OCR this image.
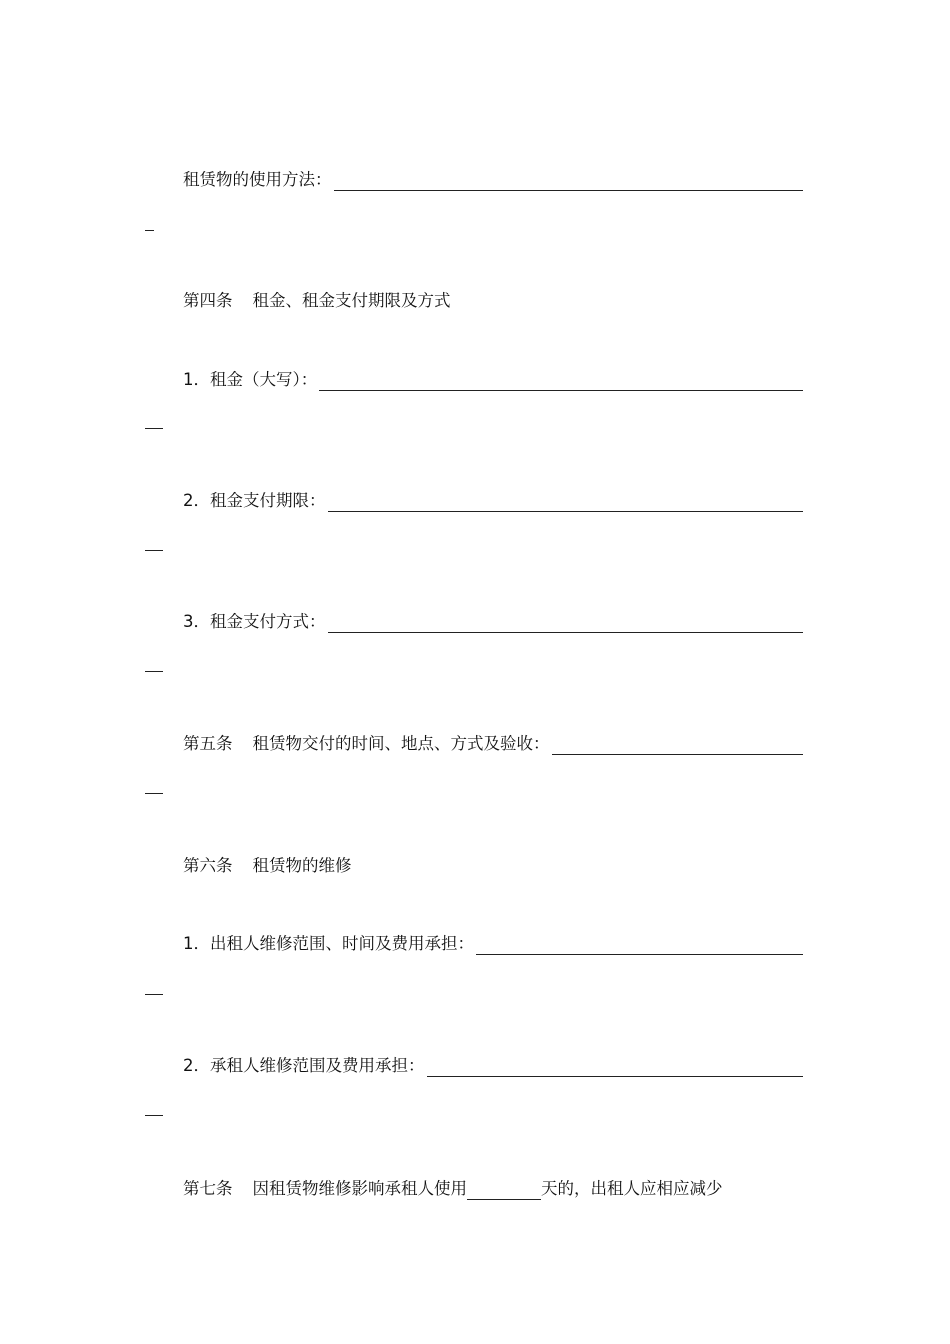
租赁物的使用方法：
第四条 租金、租金支付期限及方式
1．租金（大写）：
2．租金支付期限：
3．租金支付方式：
第五条 租赁物交付的时间、地点、方式及验收：
第六条 租赁物的维修
1．出租人维修范围、时间及费用承担：
2．承租人维修范围及费用承担：
第七条 因租赁物维修影响承租人使用	天的，出租人应相应减少
